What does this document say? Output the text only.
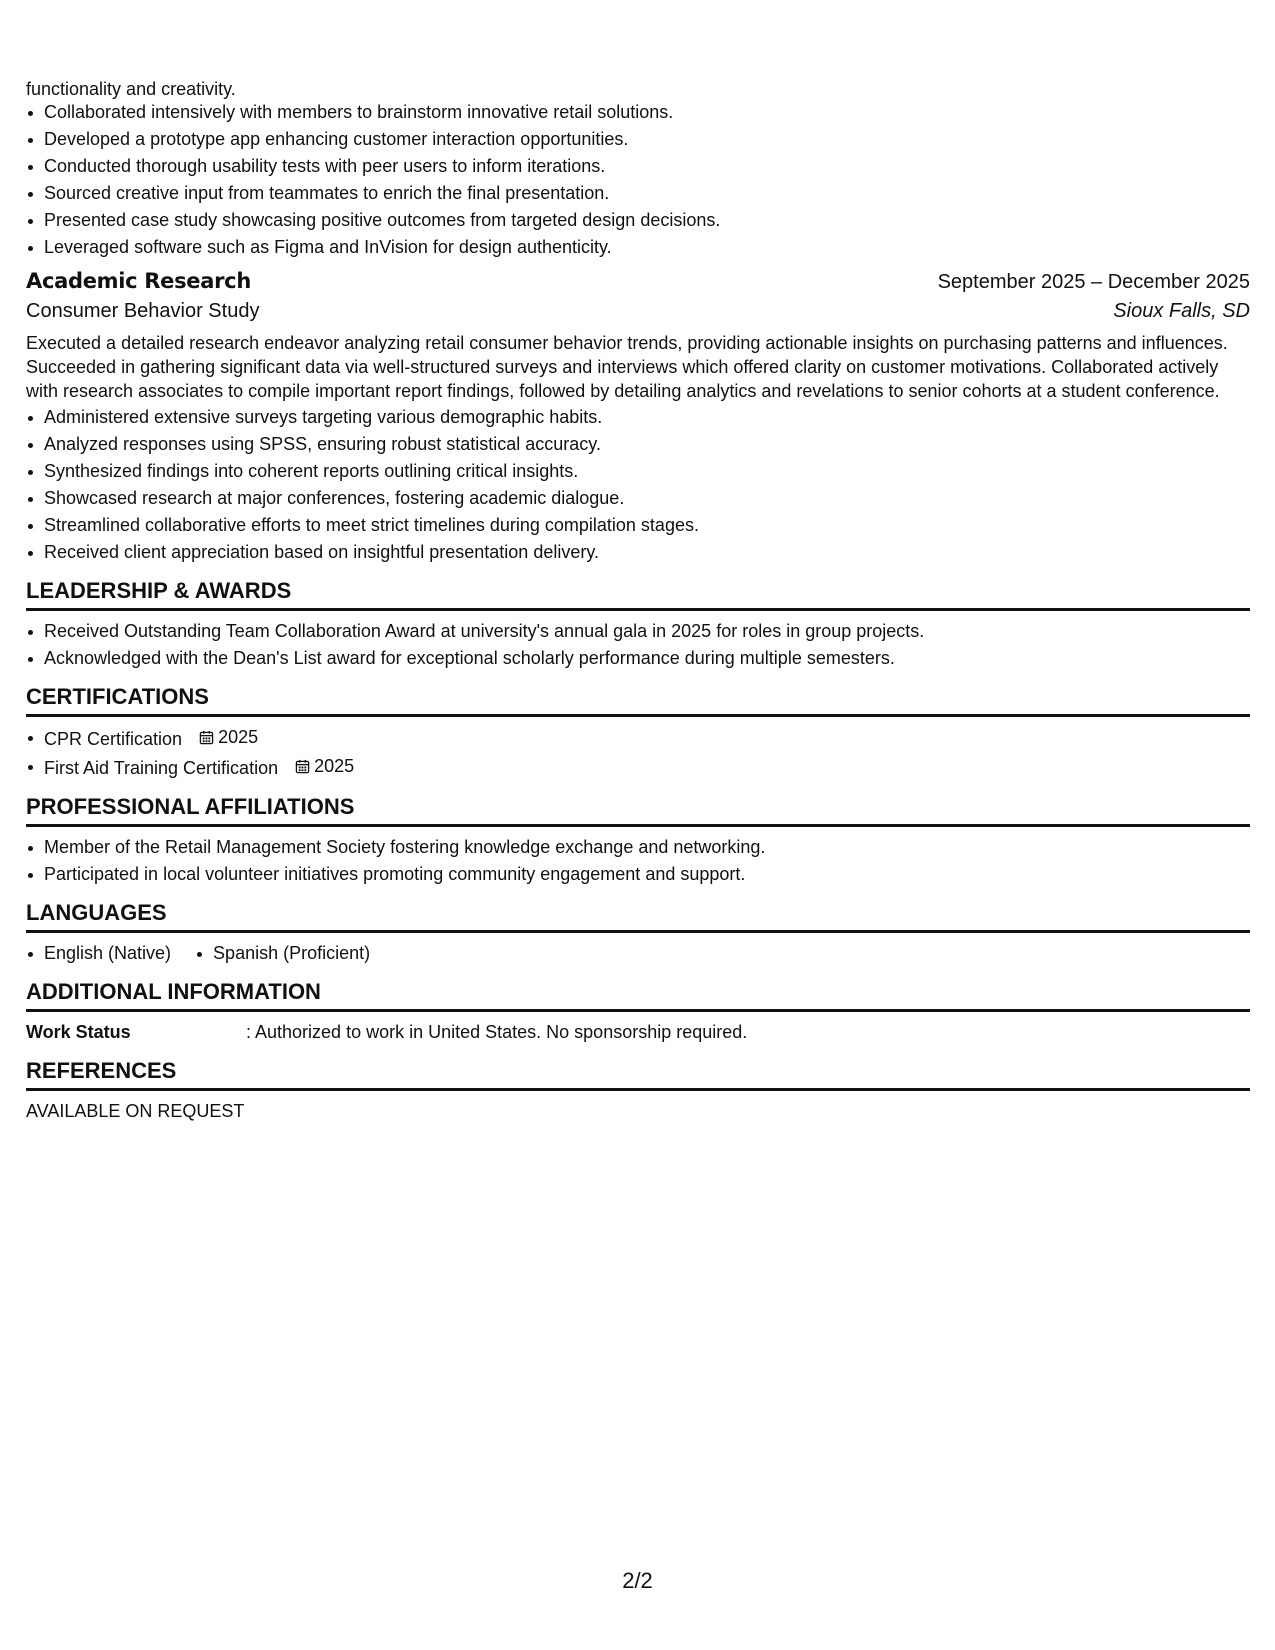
functionality and creativity.

Collaborated intensively with members to brainstorm innovative retail solutions.
Developed a prototype app enhancing customer interaction opportunities.
Conducted thorough usability tests with peer users to inform iterations.
Sourced creative input from teammates to enrich the final presentation.
Presented case study showcasing positive outcomes from targeted design decisions.
Leveraged software such as Figma and InVision for design authenticity.
Academic Research	September 2025 – December 2025
Consumer Behavior Study	Sioux Falls, SD

Executed a detailed research endeavor analyzing retail consumer behavior trends, providing actionable insights on purchasing patterns and influences. Succeeded in gathering significant data via well-structured surveys and interviews which offered clarity on customer motivations. Collaborated actively with research associates to compile important report findings, followed by detailing analytics and revelations to senior cohorts at a student conference.

Administered extensive surveys targeting various demographic habits.
Analyzed responses using SPSS, ensuring robust statistical accuracy.
Synthesized findings into coherent reports outlining critical insights.
Showcased research at major conferences, fostering academic dialogue.
Streamlined collaborative efforts to meet strict timelines during compilation stages.
Received client appreciation based on insightful presentation delivery.
LEADERSHIP & AWARDS
Received Outstanding Team Collaboration Award at university's annual gala in 2025 for roles in group projects.
Acknowledged with the Dean's List award for exceptional scholarly performance during multiple semesters.
CERTIFICATIONS
CPR Certification 2025
First Aid Training Certification 2025
PROFESSIONAL AFFILIATIONS
Member of the Retail Management Society fostering knowledge exchange and networking.
Participated in local volunteer initiatives promoting community engagement and support.
LANGUAGES
English (Native)	Spanish (Proficient)
ADDITIONAL INFORMATION
Work Status	: Authorized to work in United States. No sponsorship required.
REFERENCES

AVAILABLE ON REQUEST

2/2
